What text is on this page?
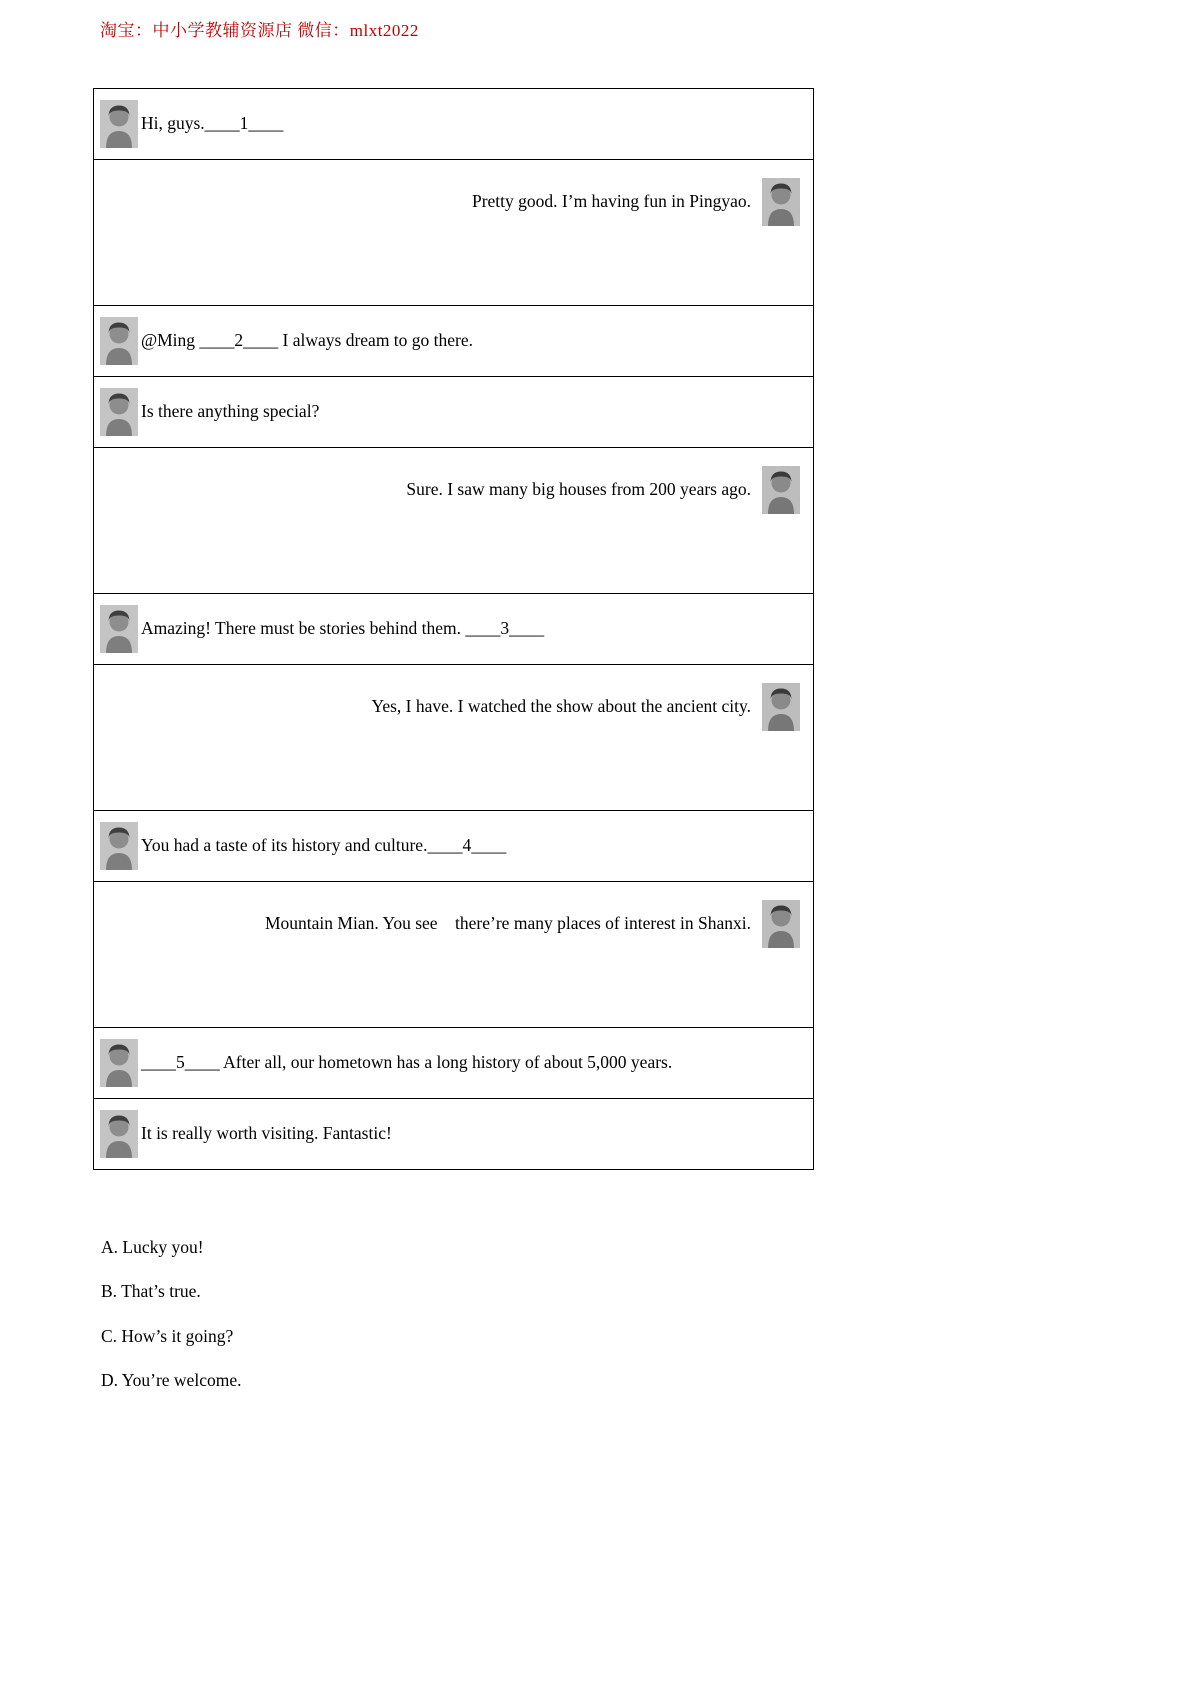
淘宝：中小学教辅资源店 微信：mlxt2022
Hi, guys.____1____
Pretty good. I’m having fun in Pingyao.
@Ming ____2____ I always dream to go there.
Is there anything special?
Sure. I saw many big houses from 200 years ago.
Amazing! There must be stories behind them. ____3____
Yes, I have. I watched the show about the ancient city.
You had a taste of its history and culture.____4____
Mountain Mian. You see　there’re many places of interest in Shanxi.
____5____ After all, our hometown has a long history of about 5,000 years.
It is really worth visiting. Fantastic!
A. Lucky you!
B. That’s true.
C. How’s it going?
D. You’re welcome.
